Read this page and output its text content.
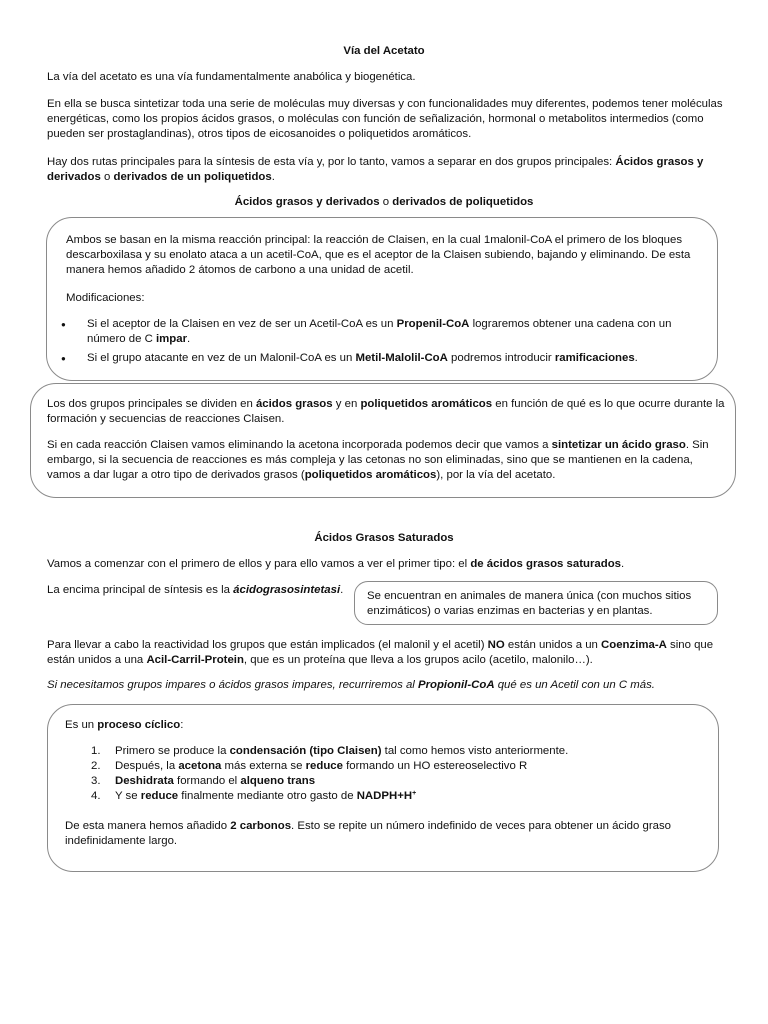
Vía del Acetato

La vía del acetato es una vía fundamentalmente anabólica y biogenética.

En ella se busca sintetizar toda una serie de moléculas muy diversas y con funcionalidades muy diferentes, podemos tener moléculas energéticas, como los propios ácidos grasos, o moléculas con función de señalización, hormonal o metabolitos intermedios (como pueden ser prostaglandinas), otros tipos de eicosanoides o poliquetidos aromáticos.

Hay dos rutas principales para la síntesis de esta vía y, por lo tanto, vamos a separar en dos grupos principales: Ácidos grasos y derivados o derivados de un poliquetidos.

Ácidos grasos y derivados o derivados de poliquetidos

Ambos se basan en la misma reacción principal: la reacción de Claisen, en la cual 1malonil-CoA el primero de los bloques descarboxilasa y su enolato ataca a un acetil-CoA, que es el aceptor de la Claisen subiendo, bajando y eliminando. De esta manera hemos añadido 2 átomos de carbono a una unidad de acetil.

Modificaciones:

● Si el aceptor de la Claisen en vez de ser un Acetil-CoA es un Propenil-CoA lograremos obtener una cadena con un número de C impar.
● Si el grupo atacante en vez de un Malonil-CoA es un Metil-Malolil-CoA podremos introducir ramificaciones.

Los dos grupos principales se dividen en ácidos grasos y en poliquetidos aromáticos en función de qué es lo que ocurre durante la formación y secuencias de reacciones Claisen.

Si en cada reacción Claisen vamos eliminando la acetona incorporada podemos decir que vamos a sintetizar un ácido graso. Sin embargo, si la secuencia de reacciones es más compleja y las cetonas no son eliminadas, sino que se mantienen en la cadena, vamos a dar lugar a otro tipo de derivados grasos (poliquetidos aromáticos), por la vía del acetato.

Ácidos Grasos Saturados

Vamos a comenzar con el primero de ellos y para ello vamos a ver el primer tipo: el de ácidos grasos saturados.

La encima principal de síntesis es la ácidograsosintetasi.	Se encuentran en animales de manera única (con muchos sitios enzimáticos) o varias enzimas en bacterias y en plantas.

Para llevar a cabo la reactividad los grupos que están implicados (el malonil y el acetil) NO están unidos a un Coenzima-A sino que están unidos a una Acil-Carril-Protein, que es un proteína que lleva a los grupos acilo (acetilo, malonilo…).

Si necesitamos grupos impares o ácidos grasos impares, recurriremos al Propionil-CoA qué es un Acetil con un C más.

Es un proceso cíclico:

1. Primero se produce la condensación (tipo Claisen) tal como hemos visto anteriormente.
2. Después, la acetona más externa se reduce formando un HO estereoselectivo R
3. Deshidrata formando el alqueno trans
4. Y se reduce finalmente mediante otro gasto de NADPH+H+

De esta manera hemos añadido 2 carbonos. Esto se repite un número indefinido de veces para obtener un ácido graso indefinidamente largo.
